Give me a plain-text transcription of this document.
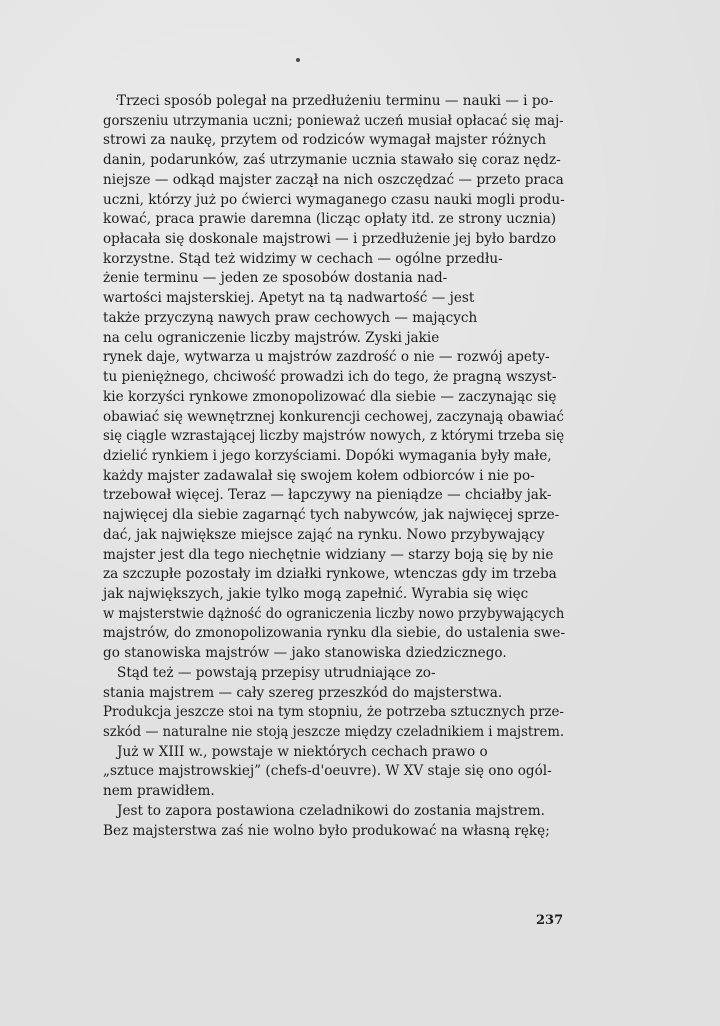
Trzeci sposób polegał na przedłużeniu terminu — nauki — i po-
gorszeniu utrzymania uczni; ponieważ uczeń musiał opłacać się maj-
strowi za naukę, przytem od rodziców wymagał majster różnych
danin, podarunków, zaś utrzymanie ucznia stawało się coraz nędz-
niejsze — odkąd majster zaczął na nich oszczędzać — przeto praca
uczni, którzy już po ćwierci wymaganego czasu nauki mogli produ-
kować, praca prawie daremna (licząc opłaty itd. ze strony ucznia)
opłacała się doskonale majstrowi — i przedłużenie jej było bardzo
korzystne. Stąd też widzimy w cechach — ogólne przedłu-
żenie terminu — jeden ze sposobów dostania nad-
wartości majsterskiej. Apetyt na tą nadwartość — jest
także przyczyną nawych praw cechowych — mających
na celu ograniczenie liczby majstrów. Zyski jakie
rynek daje, wytwarza u majstrów zazdrość o nie — rozwój apety-
tu pieniężnego, chciwość prowadzi ich do tego, że pragną wszyst-
kie korzyści rynkowe zmonopolizować dla siebie — zaczynając się
obawiać się wewnętrznej konkurencji cechowej, zaczynają obawiać
się ciągle wzrastającej liczby majstrów nowych, z którymi trzeba się
dzielić rynkiem i jego korzyściami. Dopóki wymagania były małe,
każdy majster zadawalał się swojem kołem odbiorców i nie po-
trzebował więcej. Teraz — łapczywy na pieniądze — chciałby jak-
najwięcej dla siebie zagarnąć tych nabywców, jak najwięcej sprze-
dać, jak największe miejsce zająć na rynku. Nowo przybywający
majster jest dla tego niechętnie widziany — starzy boją się by nie
za szczupłe pozostały im działki rynkowe, wtenczas gdy im trzeba
jak największych, jakie tylko mogą zapełnić. Wyrabia się więc
w majsterstwie dążność do ograniczenia liczby nowo przybywających
majstrów, do zmonopolizowania rynku dla siebie, do ustalenia swe-
go stanowiska majstrów — jako stanowiska dziedzicznego.
Stąd też — powstają przepisy utrudniające zo-
stania majstrem — cały szereg przeszkód do majsterstwa.
Produkcja jeszcze stoi na tym stopniu, że potrzeba sztucznych prze-
szkód — naturalne nie stoją jeszcze między czeladnikiem i majstrem.
Już w XIII w., powstaje w niektórych cechach prawo o
„sztuce majstrowskiej” (chefs-d'oeuvre). W XV staje się ono ogól-
nem prawidłem.
Jest to zapora postawiona czeladnikowi do zostania majstrem.
Bez majsterstwa zaś nie wolno było produkować na własną rękę;
237
